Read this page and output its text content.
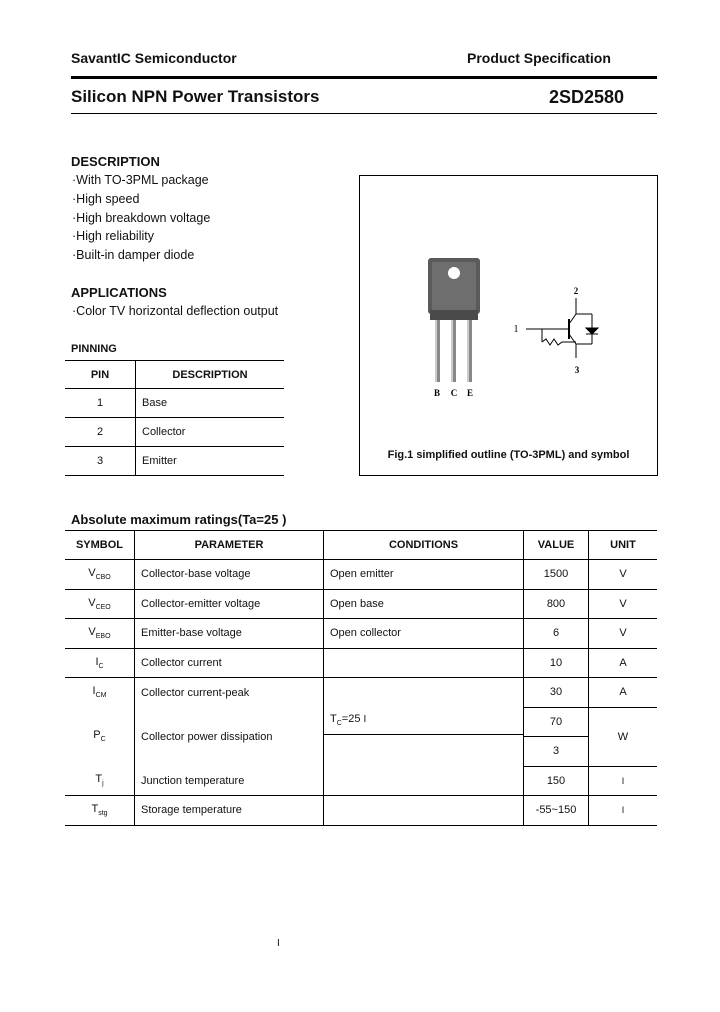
SavantIC Semiconductor	Product Specification
Silicon NPN Power Transistors	2SD2580
DESCRIPTION
·With TO-3PML package
·High speed
·High breakdown voltage
·High reliability
·Built-in damper diode
APPLICATIONS
·Color TV horizontal deflection output
PINNING
PIN	DESCRIPTION
1	Base
2	Collector
3	Emitter
B C E
2
1
3
Fig.1 simplified outline (TO-3PML) and symbol
Absolute maximum ratings(Ta=25 )
SYMBOL	PARAMETER	CONDITIONS	VALUE	UNIT
$V_{CBO}$	Collector-base voltage	Open emitter	1500	V
$V_{CEO}$	Collector-emitter voltage	Open base	800	V
$V_{EBO}$	Emitter-base voltage	Open collector	6	V
$I_C$	Collector current		10	A
$I_{CM}$	Collector current-peak	$T_C=25$ I	30	A
$P_C$	Collector power dissipation		70	W
			3	
$T_j$	Junction temperature		150	I
$T_{stg}$	Storage temperature		-55~150	I
I
